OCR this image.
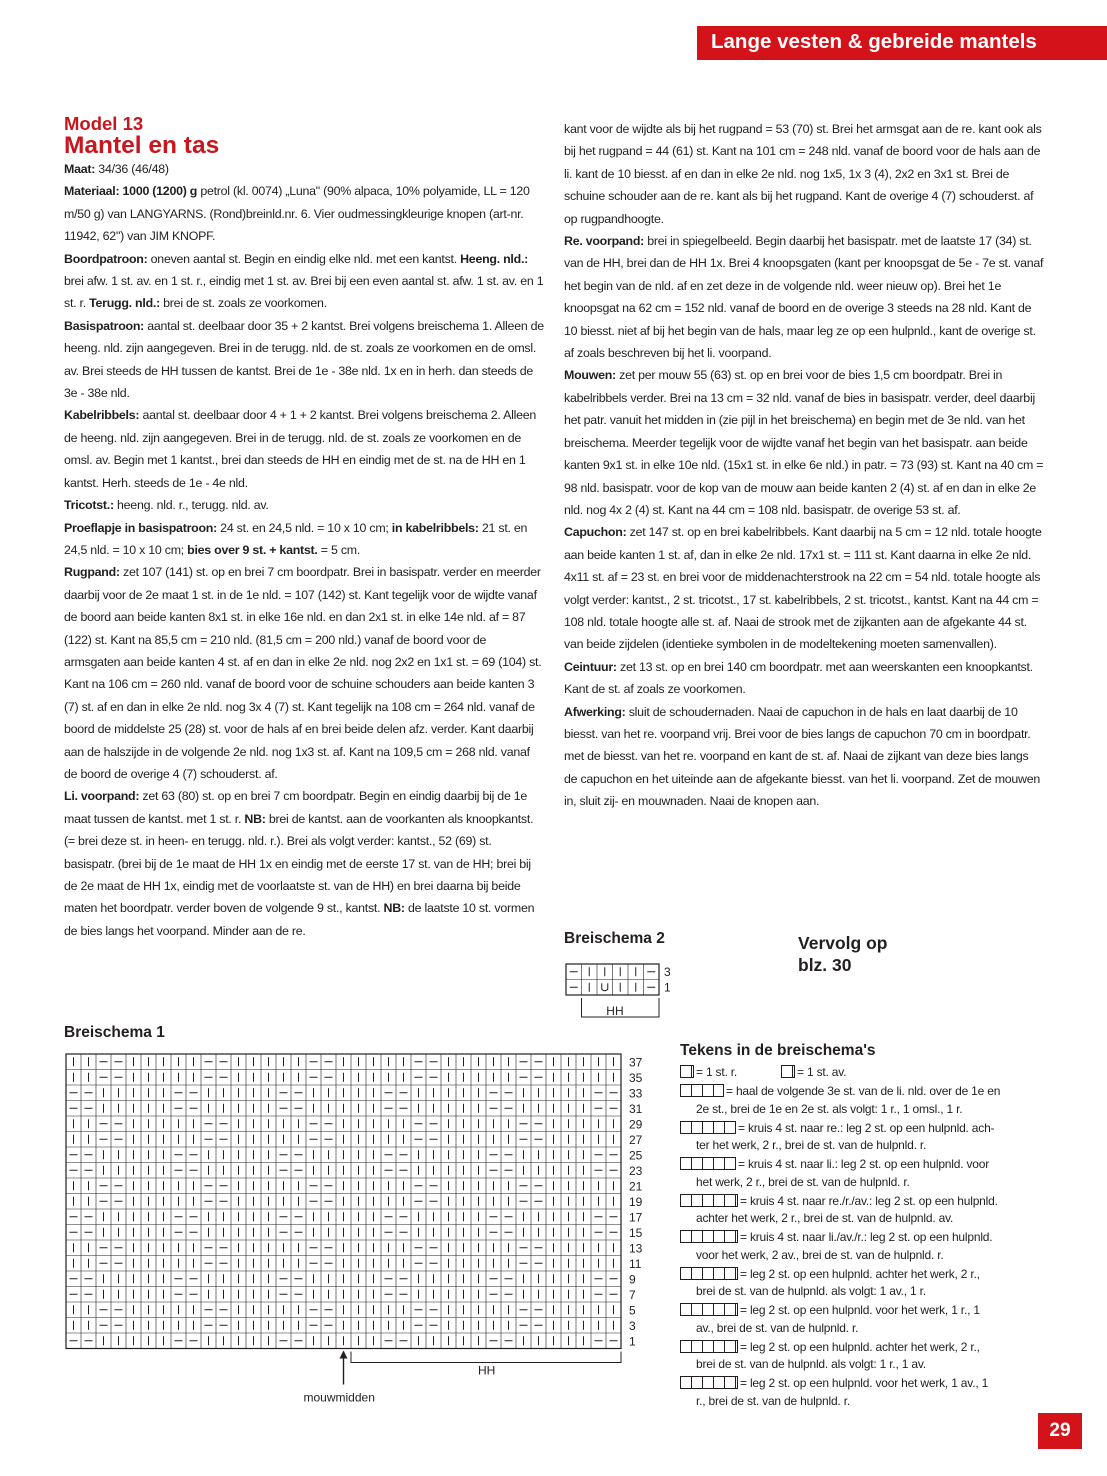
Lange vesten & gebreide mantels
Model 13
Mantel en tas

Maat: 34/36 (46/48)

Materiaal: 1000 (1200) g petrol (kl. 0074) „Luna" (90% alpaca, 10% polyamide, LL = 120 m/50 g) van LANGYARNS. (Rond)breinld.nr. 6. Vier oudmessingkleurige knopen (art-nr. 11942, 62") van JIM KNOPF.

Boordpatroon: oneven aantal st. Begin en eindig elke nld. met een kantst. Heeng. nld.: brei afw. 1 st. av. en 1 st. r., eindig met 1 st. av. Brei bij een even aantal st. afw. 1 st. av. en 1 st. r. Terugg. nld.: brei de st. zoals ze voorkomen.

Basispatroon: aantal st. deelbaar door 35 + 2 kantst. Brei volgens breischema 1. Alleen de heeng. nld. zijn aangegeven. Brei in de terugg. nld. de st. zoals ze voorkomen en de omsl. av. Brei steeds de HH tussen de kantst. Brei de 1e - 38e nld. 1x en in herh. dan steeds de 3e - 38e nld.

Kabelribbels: aantal st. deelbaar door 4 + 1 + 2 kantst. Brei volgens breischema 2. Alleen de heeng. nld. zijn aangegeven. Brei in de terugg. nld. de st. zoals ze voorkomen en de omsl. av. Begin met 1 kantst., brei dan steeds de HH en eindig met de st. na de HH en 1 kantst. Herh. steeds de 1e - 4e nld.

Tricotst.: heeng. nld. r., terugg. nld. av.

Proeflapje in basispatroon: 24 st. en 24,5 nld. = 10 x 10 cm; in kabelribbels: 21 st. en 24,5 nld. = 10 x 10 cm; bies over 9 st. + kantst. = 5 cm.

Rugpand: zet 107 (141) st. op en brei 7 cm boordpatr. Brei in basispatr. verder en meerder daarbij voor de 2e maat 1 st. in de 1e nld. = 107 (142) st. Kant tegelijk voor de wijdte vanaf de boord aan beide kanten 8x1 st. in elke 16e nld. en dan 2x1 st. in elke 14e nld. af = 87 (122) st. Kant na 85,5 cm = 210 nld. (81,5 cm = 200 nld.) vanaf de boord voor de armsgaten aan beide kanten 4 st. af en dan in elke 2e nld. nog 2x2 en 1x1 st. = 69 (104) st. Kant na 106 cm = 260 nld. vanaf de boord voor de schuine schouders aan beide kanten 3 (7) st. af en dan in elke 2e nld. nog 3x 4 (7) st. Kant tegelijk na 108 cm = 264 nld. vanaf de boord de middelste 25 (28) st. voor de hals af en brei beide delen afz. verder. Kant daarbij aan de halszijde in de volgende 2e nld. nog 1x3 st. af. Kant na 109,5 cm = 268 nld. vanaf de boord de overige 4 (7) schouderst. af.

Li. voorpand: zet 63 (80) st. op en brei 7 cm boordpatr. Begin en eindig daarbij bij de 1e maat tussen de kantst. met 1 st. r. NB: brei de kantst. aan de voorkanten als knoopkantst. (= brei deze st. in heen- en terugg. nld. r.). Brei als volgt verder: kantst., 52 (69) st. basispatr. (brei bij de 1e maat de HH 1x en eindig met de eerste 17 st. van de HH; brei bij de 2e maat de HH 1x, eindig met de voorlaatste st. van de HH) en brei daarna bij beide maten het boordpatr. verder boven de volgende 9 st., kantst. NB: de laatste 10 st. vormen de bies langs het voorpand. Minder aan de re.

kant voor de wijdte als bij het rugpand = 53 (70) st. Brei het armsgat aan de re. kant ook als bij het rugpand = 44 (61) st. Kant na 101 cm = 248 nld. vanaf de boord voor de hals aan de li. kant de 10 biesst. af en dan in elke 2e nld. nog 1x5, 1x 3 (4), 2x2 en 3x1 st. Brei de schuine schouder aan de re. kant als bij het rugpand. Kant de overige 4 (7) schouderst. af op rugpandhoogte.

Re. voorpand: brei in spiegelbeeld. Begin daarbij het basispatr. met de laatste 17 (34) st. van de HH, brei dan de HH 1x. Brei 4 knoopsgaten (kant per knoopsgat de 5e - 7e st. vanaf het begin van de nld. af en zet deze in de volgende nld. weer nieuw op). Brei het 1e knoopsgat na 62 cm = 152 nld. vanaf de boord en de overige 3 steeds na 28 nld. Kant de 10 biesst. niet af bij het begin van de hals, maar leg ze op een hulpnld., kant de overige st. af zoals beschreven bij het li. voorpand.

Mouwen: zet per mouw 55 (63) st. op en brei voor de bies 1,5 cm boordpatr. Brei in kabelribbels verder. Brei na 13 cm = 32 nld. vanaf de bies in basispatr. verder, deel daarbij het patr. vanuit het midden in (zie pijl in het breischema) en begin met de 3e nld. van het breischema. Meerder tegelijk voor de wijdte vanaf het begin van het basispatr. aan beide kanten 9x1 st. in elke 10e nld. (15x1 st. in elke 6e nld.) in patr. = 73 (93) st. Kant na 40 cm = 98 nld. basispatr. voor de kop van de mouw aan beide kanten 2 (4) st. af en dan in elke 2e nld. nog 4x 2 (4) st. Kant na 44 cm = 108 nld. basispatr. de overige 53 st. af.

Capuchon: zet 147 st. op en brei kabelribbels. Kant daarbij na 5 cm = 12 nld. totale hoogte aan beide kanten 1 st. af, dan in elke 2e nld. 17x1 st. = 111 st. Kant daarna in elke 2e nld. 4x11 st. af = 23 st. en brei voor de middenachterstrook na 22 cm = 54 nld. totale hoogte als volgt verder: kantst., 2 st. tricotst., 17 st. kabelribbels, 2 st. tricotst., kantst. Kant na 44 cm = 108 nld. totale hoogte alle st. af. Naai de strook met de zijkanten aan de afgekante 44 st. van beide zijdelen (identieke symbolen in de modeltekening moeten samenvallen).

Ceintuur: zet 13 st. op en brei 140 cm boordpatr. met aan weerskanten een knoopkantst. Kant de st. af zoals ze voorkomen.

Afwerking: sluit de schoudernaden. Naai de capuchon in de hals en laat daarbij de 10 biesst. van het re. voorpand vrij. Brei voor de bies langs de capuchon 70 cm in boordpatr. met de biesst. van het re. voorpand en kant de st. af. Naai de zijkant van deze bies langs de capuchon en het uiteinde aan de afgekante biesst. van het li. voorpand. Zet de mouwen in, sluit zij- en mouwnaden. Naai de knopen aan.

Breischema 2	Vervolg op
blz. 30
3
1
HH
Breischema 1
1
3
5
7
9
11
13
15
17
19
21
23
25
27
29
31
33
35
37
HH
mouwmidden
Tekens in de breischema's
= 1 st. r.	= 1 st. av.
= haal de volgende 3e st. van de li. nld. over de 1e en
2e st., brei de 1e en 2e st. als volgt: 1 r., 1 omsl., 1 r.
= kruis 4 st. naar re.: leg 2 st. op een hulpnld. ach-
ter het werk, 2 r., brei de st. van de hulpnld. r.
= kruis 4 st. naar li.: leg 2 st. op een hulpnld. voor
het werk, 2 r., brei de st. van de hulpnld. r.
= kruis 4 st. naar re./r./av.: leg 2 st. op een hulpnld.
achter het werk, 2 r., brei de st. van de hulpnld. av.
= kruis 4 st. naar li./av./r.: leg 2 st. op een hulpnld.
voor het werk, 2 av., brei de st. van de hulpnld. r.
= leg 2 st. op een hulpnld. achter het werk, 2 r.,
brei de st. van de hulpnld. als volgt: 1 av., 1 r.
= leg 2 st. op een hulpnld. voor het werk, 1 r., 1
av., brei de st. van de hulpnld. r.
= leg 2 st. op een hulpnld. achter het werk, 2 r.,
brei de st. van de hulpnld. als volgt: 1 r., 1 av.
= leg 2 st. op een hulpnld. voor het werk, 1 av., 1
r., brei de st. van de hulpnld. r.
29
